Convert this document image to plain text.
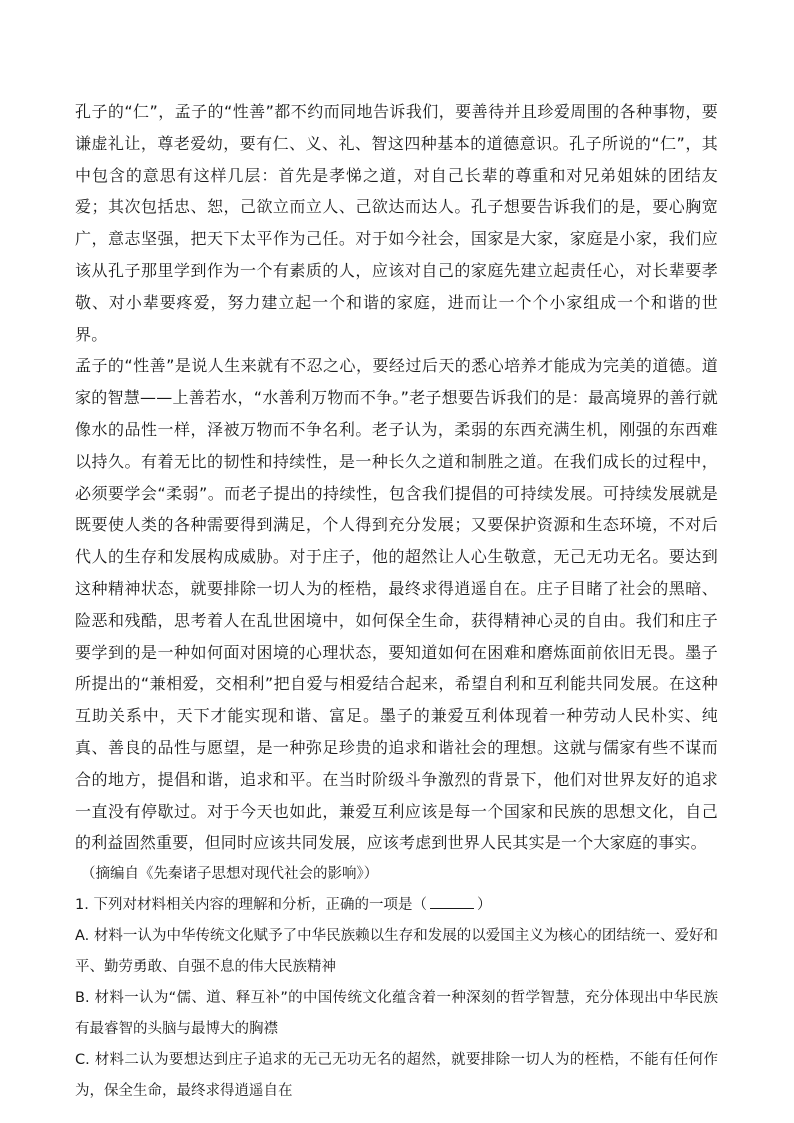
孔子的“仁”，孟子的“性善”都不约而同地告诉我们，要善待并且珍爱周围的各种事物，要谦虚礼让，尊老爱幼，要有仁、义、礼、智这四种基本的道德意识。孔子所说的“仁”，其中包含的意思有这样几层：首先是孝悌之道，对自己长辈的尊重和对兄弟姐妹的团结友爱；其次包括忠、恕，己欲立而立人、己欲达而达人。孔子想要告诉我们的是，要心胸宽广，意志坚强，把天下太平作为己任。对于如今社会，国家是大家，家庭是小家，我们应该从孔子那里学到作为一个有素质的人，应该对自己的家庭先建立起责任心，对长辈要孝敬、对小辈要疼爱，努力建立起一个和谐的家庭，进而让一个个小家组成一个和谐的世界。

孟子的“性善”是说人生来就有不忍之心，要经过后天的悉心培养才能成为完美的道德。道家的智慧——上善若水，“水善利万物而不争。”老子想要告诉我们的是：最高境界的善行就像水的品性一样，泽被万物而不争名利。老子认为，柔弱的东西充满生机，刚强的东西难以持久。有着无比的韧性和持续性，是一种长久之道和制胜之道。在我们成长的过程中，必须要学会“柔弱”。而老子提出的持续性，包含我们提倡的可持续发展。可持续发展就是既要使人类的各种需要得到满足，个人得到充分发展；又要保护资源和生态环境，不对后代人的生存和发展构成威胁。对于庄子，他的超然让人心生敬意，无己无功无名。要达到这种精神状态，就要排除一切人为的桎梏，最终求得逍遥自在。庄子目睹了社会的黑暗、险恶和残酷，思考着人在乱世困境中，如何保全生命，获得精神心灵的自由。我们和庄子要学到的是一种如何面对困境的心理状态，要知道如何在困难和磨炼面前依旧无畏。墨子所提出的“兼相爱，交相利”把自爱与相爱结合起来，希望自利和互利能共同发展。在这种互助关系中，天下才能实现和谐、富足。墨子的兼爱互利体现着一种劳动人民朴实、纯真、善良的品性与愿望，是一种弥足珍贵的追求和谐社会的理想。这就与儒家有些不谋而合的地方，提倡和谐，追求和平。在当时阶级斗争激烈的背景下，他们对世界友好的追求一直没有停歇过。对于今天也如此，兼爱互利应该是每一个国家和民族的思想文化，自己的利益固然重要，但同时应该共同发展，应该考虑到世界人民其实是一个大家庭的事实。

（摘编自《先秦诸子思想对现代社会的影响》）

1. 下列对材料相关内容的理解和分析，正确的一项是（	）

A. 材料一认为中华传统文化赋予了中华民族赖以生存和发展的以爱国主义为核心的团结统一、爱好和平、勤劳勇敢、自强不息的伟大民族精神

B. 材料一认为“儒、道、释互补”的中国传统文化蕴含着一种深刻的哲学智慧，充分体现出中华民族有最睿智的头脑与最博大的胸襟

C. 材料二认为要想达到庄子追求的无己无功无名的超然，就要排除一切人为的桎梏，不能有任何作为，保全生命，最终求得逍遥自在
